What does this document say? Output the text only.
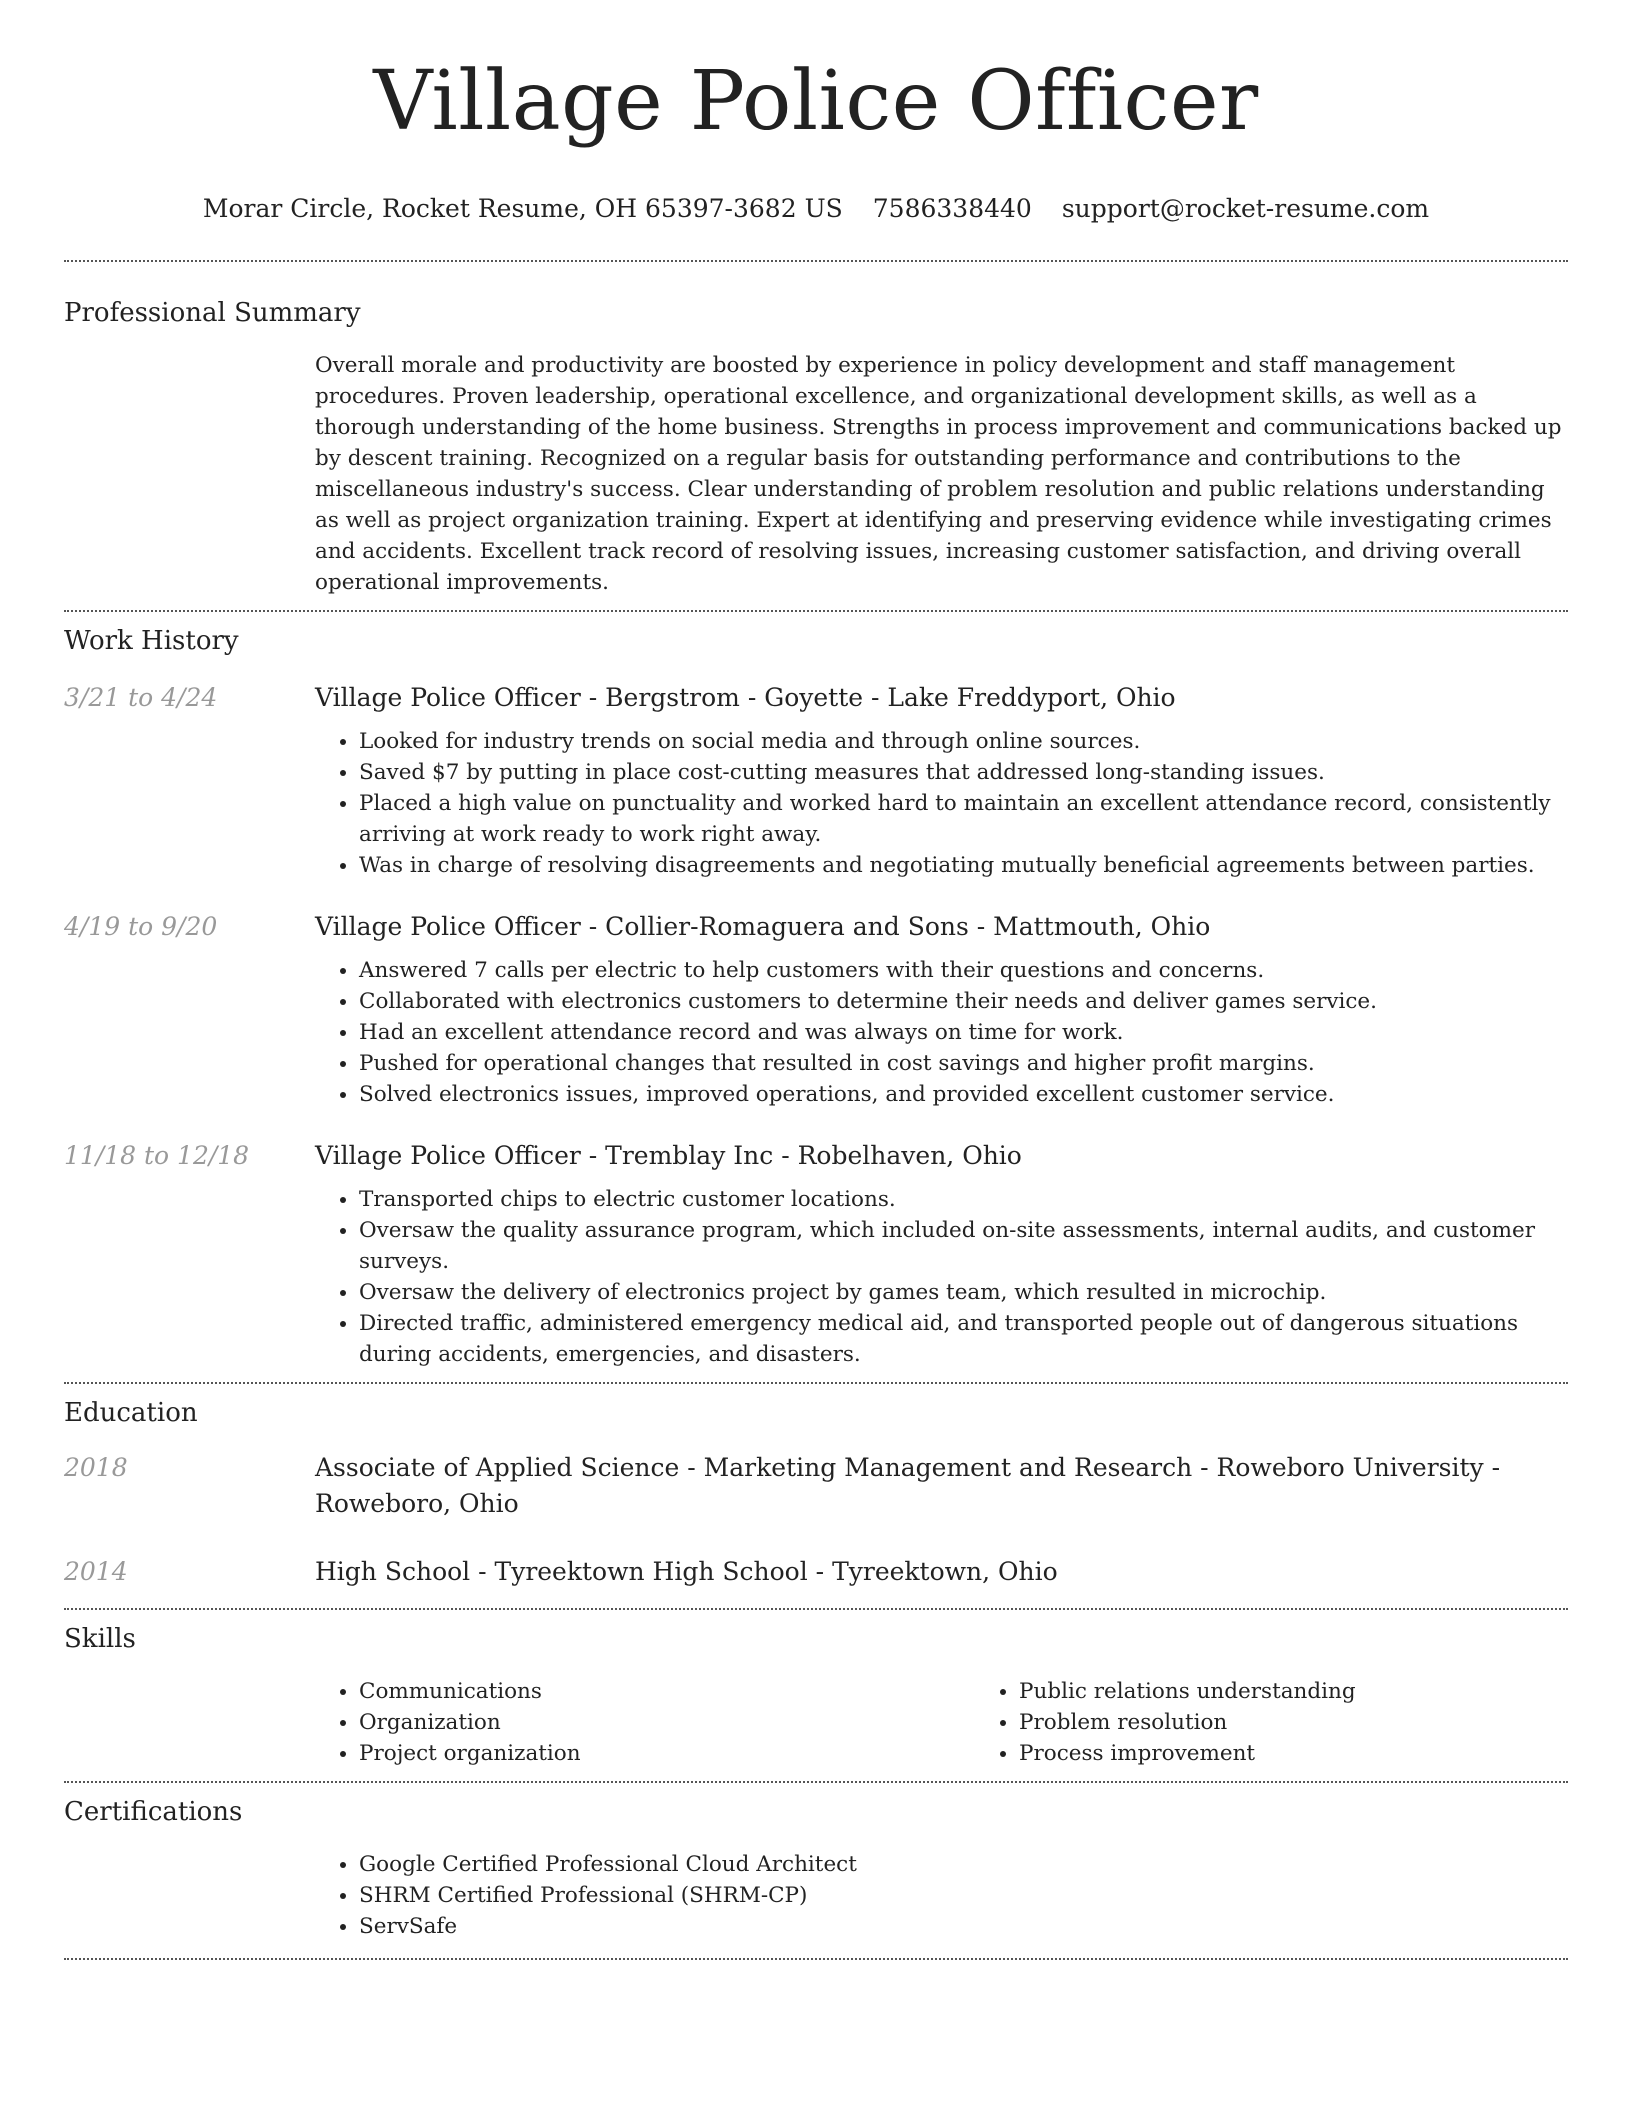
Village Police Officer
Morar Circle, Rocket Resume, OH 65397-3682 US 7586338440 support@rocket-resume.com
Professional Summary

Overall morale and productivity are boosted by experience in policy development and staff management procedures. Proven leadership, operational excellence, and organizational development skills, as well as a thorough understanding of the home business. Strengths in process improvement and communications backed up by descent training. Recognized on a regular basis for outstanding performance and contributions to the miscellaneous industry's success. Clear understanding of problem resolution and public relations understanding as well as project organization training. Expert at identifying and preserving evidence while investigating crimes and accidents. Excellent track record of resolving issues, increasing customer satisfaction, and driving overall operational improvements.

Work History
3/21 to 4/24	Village Police Officer - Bergstrom - Goyette - Lake Freddyport, Ohio
• Looked for industry trends on social media and through online sources.
• Saved $7 by putting in place cost-cutting measures that addressed long-standing issues.
• Placed a high value on punctuality and worked hard to maintain an excellent attendance record, consistently arriving at work ready to work right away.
• Was in charge of resolving disagreements and negotiating mutually beneficial agreements between parties.
4/19 to 9/20	Village Police Officer - Collier-Romaguera and Sons - Mattmouth, Ohio
• Answered 7 calls per electric to help customers with their questions and concerns.
• Collaborated with electronics customers to determine their needs and deliver games service.
• Had an excellent attendance record and was always on time for work.
• Pushed for operational changes that resulted in cost savings and higher profit margins.
• Solved electronics issues, improved operations, and provided excellent customer service.
11/18 to 12/18	Village Police Officer - Tremblay Inc - Robelhaven, Ohio
• Transported chips to electric customer locations.
• Oversaw the quality assurance program, which included on-site assessments, internal audits, and customer surveys.
• Oversaw the delivery of electronics project by games team, which resulted in microchip.
• Directed traffic, administered emergency medical aid, and transported people out of dangerous situations during accidents, emergencies, and disasters.
Education
2018	Associate of Applied Science - Marketing Management and Research - Roweboro University - Roweboro, Ohio
2014	High School - Tyreektown High School - Tyreektown, Ohio
Skills
• Communications
• Organization
• Project organization
• Public relations understanding
• Problem resolution
• Process improvement
Certifications
• Google Certified Professional Cloud Architect
• SHRM Certified Professional (SHRM-CP)
• ServSafe
